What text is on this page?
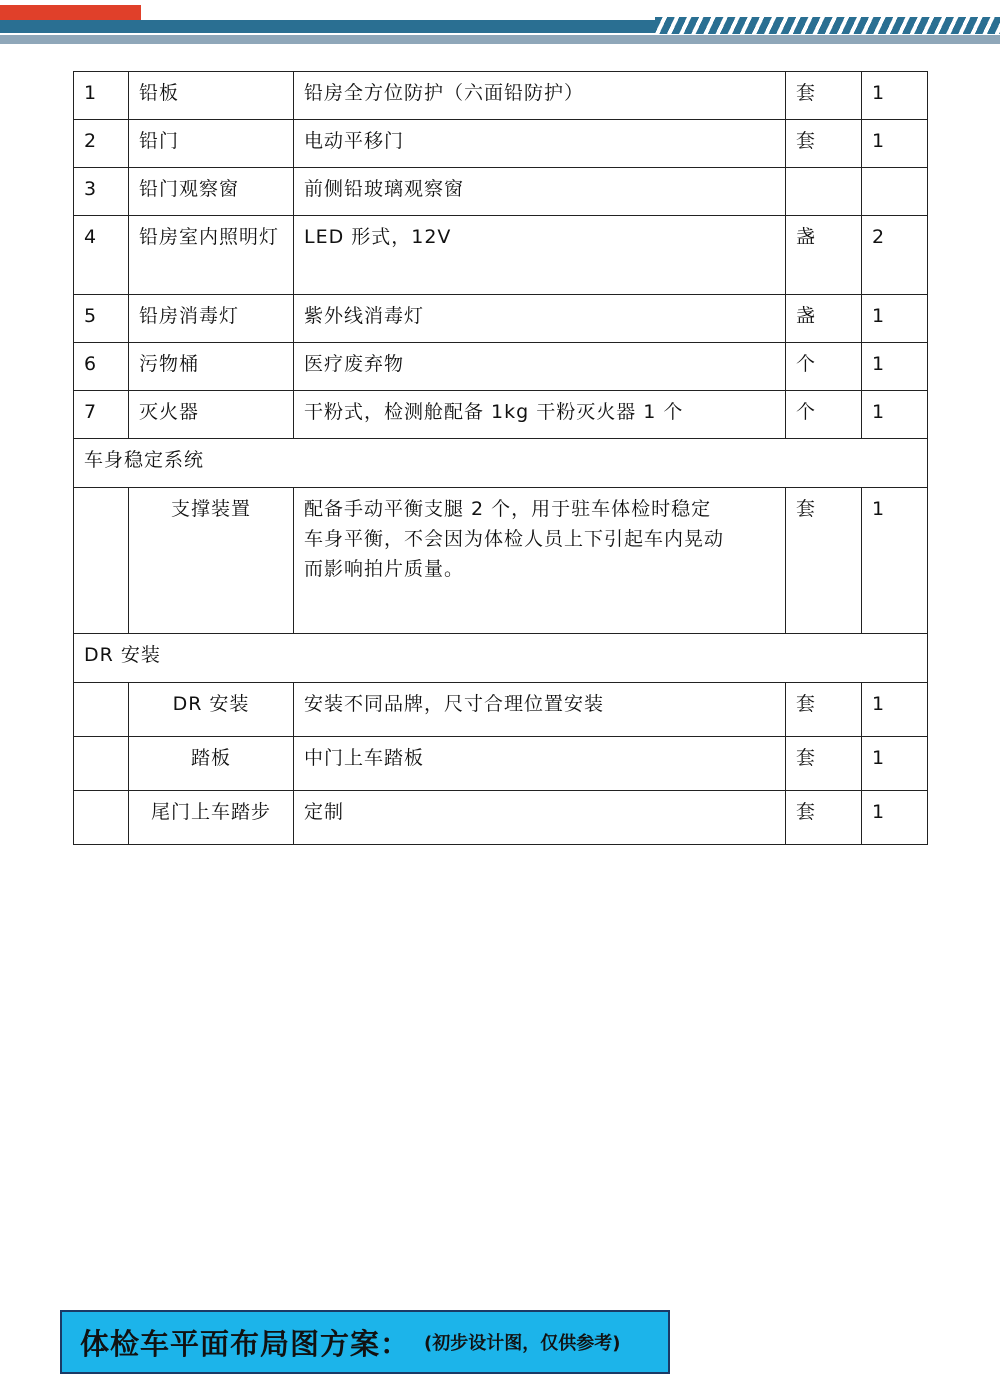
1	铅板	铅房全方位防护（六面铅防护）	套	1
2	铅门	电动平移门	套	1
3	铅门观察窗	前侧铅玻璃观察窗		
4	铅房室内照明灯	LED 形式，12V	盏	2
5	铅房消毒灯	紫外线消毒灯	盏	1
6	污物桶	医疗废弃物	个	1
7	灭火器	干粉式，检测舱配备 1kg 干粉灭火器 1 个	个	1
车身稳定系统				
	支撑装置	配备手动平衡支腿 2 个，用于驻车体检时稳定车身平衡，不会因为体检人员上下引起车内晃动而影响拍片质量。	套	1
DR 安装				
	DR 安装	安装不同品牌，尺寸合理位置安装	套	1
	踏板	中门上车踏板	套	1
	尾门上车踏步	定制	套	1
体检车平面布局图方案： (初步设计图，仅供参考)
